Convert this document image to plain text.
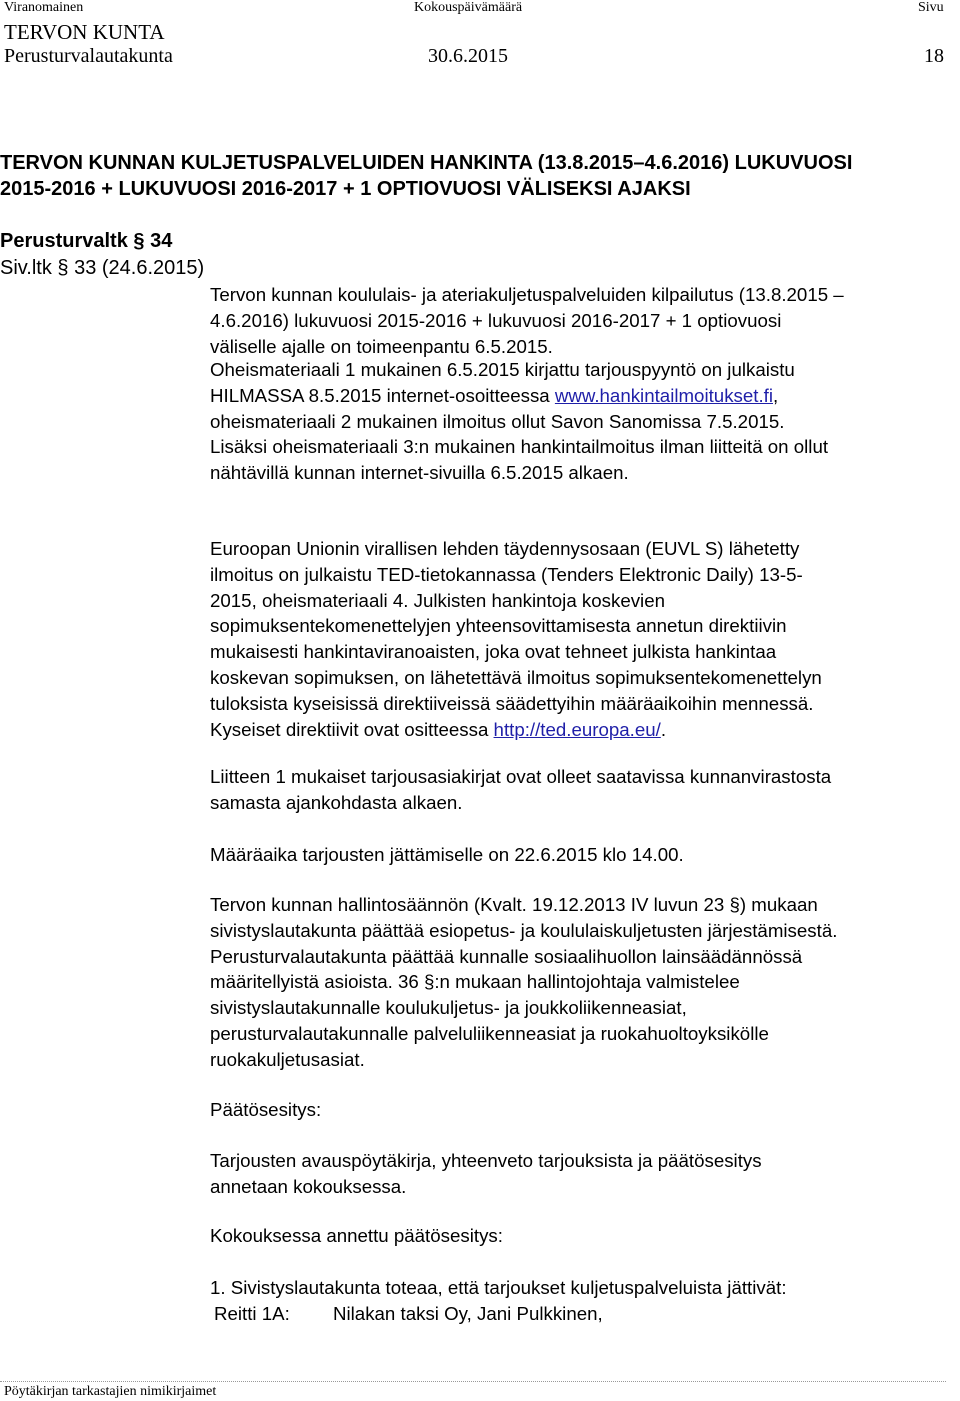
Viranomainen	Kokouspäivämäärä	Sivu
TERVON KUNTA
Perusturvalautakunta	30.6.2015	18
TERVON KUNNAN KULJETUSPALVELUIDEN HANKINTA (13.8.2015–4.6.2016) LUKUVUOSI
2015-2016 + LUKUVUOSI 2016-2017 + 1 OPTIOVUOSI VÄLISEKSI AJAKSI
Perusturvaltk § 34
Siv.ltk § 33 (24.6.2015)

Tervon kunnan koululais- ja ateriakuljetuspalveluiden kilpailutus (13.8.2015 –

4.6.2016) lukuvuosi 2015-2016 + lukuvuosi 2016-2017 + 1 optiovuosi

väliselle ajalle on toimeenpantu 6.5.2015.

Oheismateriaali 1 mukainen 6.5.2015 kirjattu tarjouspyyntö on julkaistu

HILMASSA 8.5.2015 internet-osoitteessa www.hankintailmoitukset.fi,

oheismateriaali 2 mukainen ilmoitus ollut Savon Sanomissa 7.5.2015.

Lisäksi oheismateriaali 3:n mukainen hankintailmoitus ilman liitteitä on ollut

nähtävillä kunnan internet-sivuilla 6.5.2015 alkaen.

Euroopan Unionin virallisen lehden täydennysosaan (EUVL S) lähetetty

ilmoitus on julkaistu TED-tietokannassa (Tenders Elektronic Daily) 13-5-

2015, oheismateriaali 4. Julkisten hankintoja koskevien

sopimuksentekomenettelyjen yhteensovittamisesta annetun direktiivin

mukaisesti hankintaviranoaisten, joka ovat tehneet julkista hankintaa

koskevan sopimuksen, on lähetettävä ilmoitus sopimuksentekomenettelyn

tuloksista kyseisissä direktiiveissä säädettyihin määräaikoihin mennessä.

Kyseiset direktiivit ovat ositteessa http://ted.europa.eu/.

Liitteen 1 mukaiset tarjousasiakirjat ovat olleet saatavissa kunnanvirastosta

samasta ajankohdasta alkaen.

Määräaika tarjousten jättämiselle on 22.6.2015 klo 14.00.

Tervon kunnan hallintosäännön (Kvalt. 19.12.2013 IV luvun 23 §) mukaan

sivistyslautakunta päättää esiopetus- ja koululaiskuljetusten järjestämisestä.

Perusturvalautakunta päättää kunnalle sosiaalihuollon lainsäädännössä

määritellyistä asioista. 36 §:n mukaan hallintojohtaja valmistelee

sivistyslautakunnalle koulukuljetus- ja joukkoliikenneasiat,

perusturvalautakunnalle palveluliikenneasiat ja ruokahuoltoyksikölle

ruokakuljetusasiat.

Päätösesitys:

Tarjousten avauspöytäkirja, yhteenveto tarjouksista ja päätösesitys

annetaan kokouksessa.

Kokouksessa annettu päätösesitys:

1. Sivistyslautakunta toteaa, että tarjoukset kuljetuspalveluista jättivät:

Reitti 1A: Nilakan taksi Oy, Jani Pulkkinen,
Pöytäkirjan tarkastajien nimikirjaimet
